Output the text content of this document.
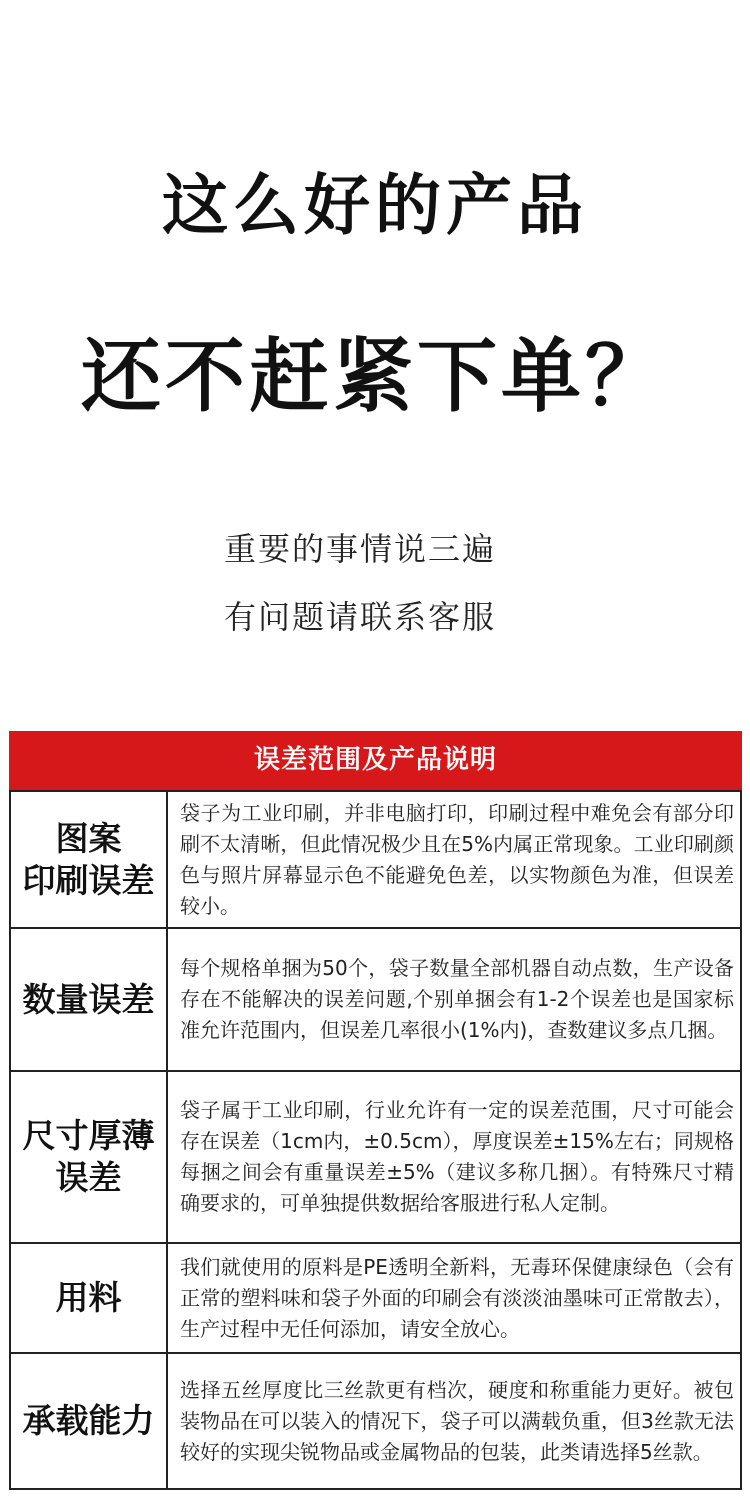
这么好的产品
还不赶紧下单？
重要的事情说三遍
有问题请联系客服
误差范围及产品说明
图案
印刷误差	袋子为工业印刷，并非电脑打印，印刷过程中难免会有部分印刷不太清晰，但此情况极少且在5%内属正常现象。工业印刷颜色与照片屏幕显示色不能避免色差，以实物颜色为准，但误差较小。

数量误差	每个规格单捆为50个，袋子数量全部机器自动点数，生产设备存在不能解决的误差问题,个别单捆会有1-2个误差也是国家标准允许范围内，但误差几率很小(1%内)，查数建议多点几捆。

尺寸厚薄
误差	袋子属于工业印刷，行业允许有一定的误差范围，尺寸可能会存在误差（1cm内，±0.5cm），厚度误差±15%左右；同规格每捆之间会有重量误差±5%（建议多称几捆）。有特殊尺寸精确要求的，可单独提供数据给客服进行私人定制。

用料	我们就使用的原料是PE透明全新料，无毒环保健康绿色（会有正常的塑料味和袋子外面的印刷会有淡淡油墨味可正常散去），生产过程中无任何添加，请安全放心。

承载能力	选择五丝厚度比三丝款更有档次，硬度和称重能力更好。被包装物品在可以装入的情况下，袋子可以满载负重，但3丝款无法较好的实现尖锐物品或金属物品的包装，此类请选择5丝款。
